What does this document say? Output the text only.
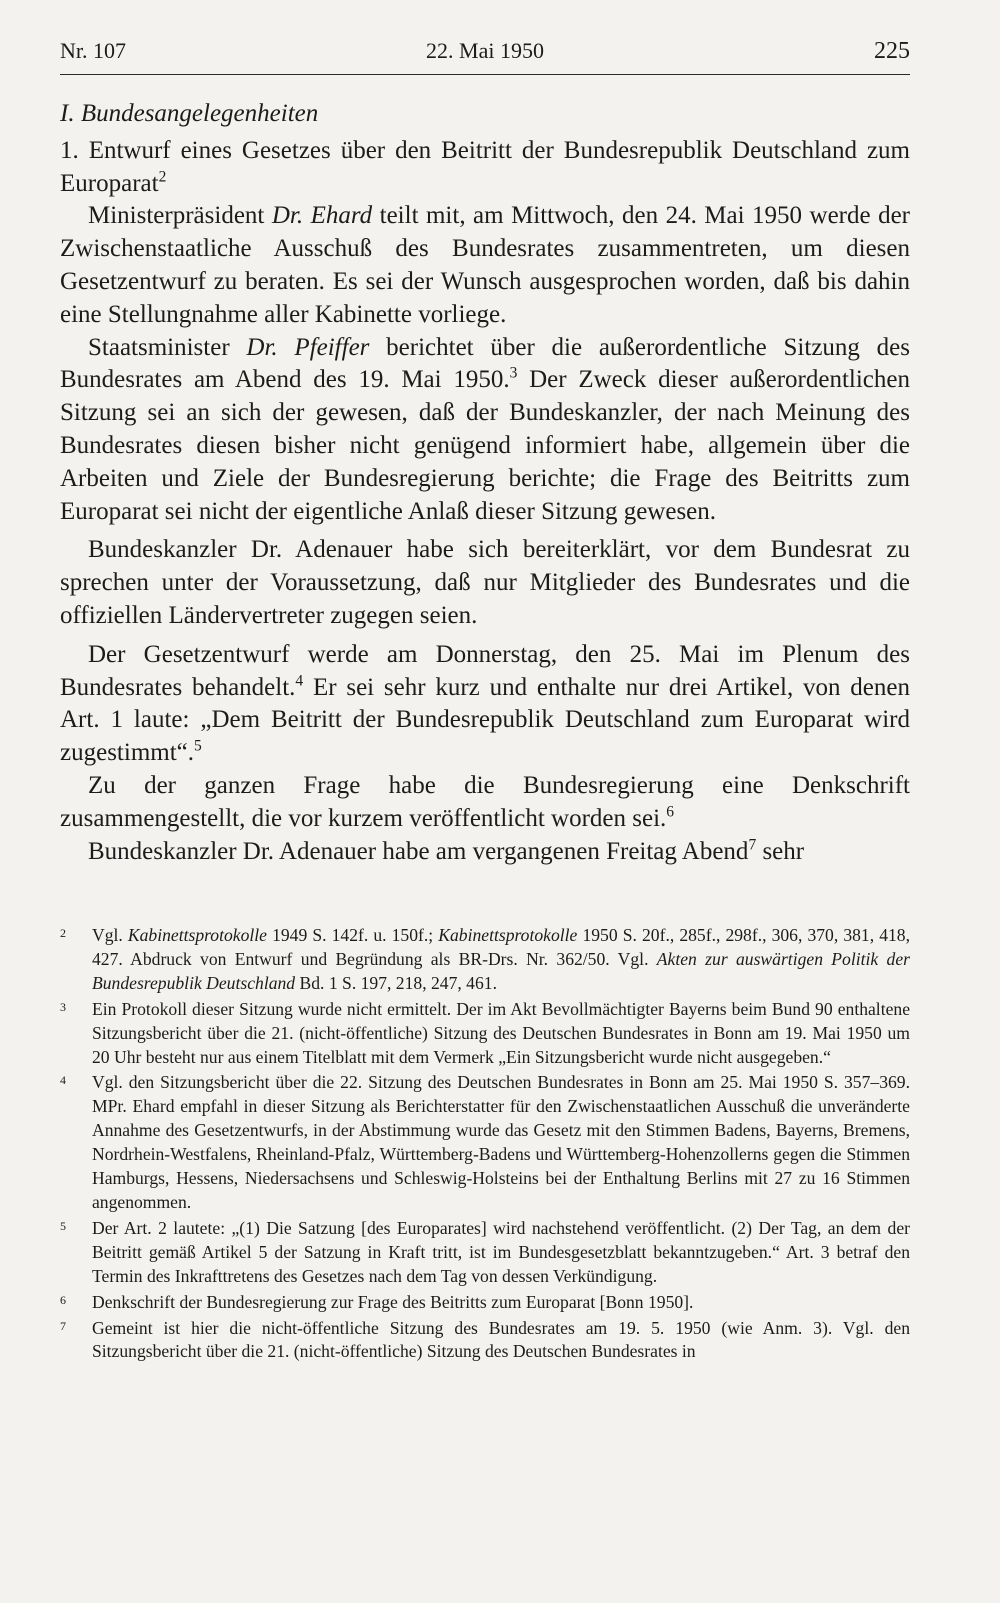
Nr. 107	22. Mai 1950	225

I. Bundesangelegenheiten

1. Entwurf eines Gesetzes über den Beitritt der Bundesrepublik Deutschland zum Europarat$^2$

Ministerpräsident Dr. Ehard teilt mit, am Mittwoch, den 24. Mai 1950 werde der Zwischenstaatliche Ausschuß des Bundesrates zusammentreten, um diesen Gesetzentwurf zu beraten. Es sei der Wunsch ausgesprochen worden, daß bis dahin eine Stellungnahme aller Kabinette vorliege.

Staatsminister Dr. Pfeiffer berichtet über die außerordentliche Sitzung des Bundesrates am Abend des 19. Mai 1950.$^3$ Der Zweck dieser außerordentlichen Sitzung sei an sich der gewesen, daß der Bundeskanzler, der nach Meinung des Bundesrates diesen bisher nicht genügend informiert habe, allgemein über die Arbeiten und Ziele der Bundesregierung berichte; die Frage des Beitritts zum Europarat sei nicht der eigentliche Anlaß dieser Sitzung gewesen.

Bundeskanzler Dr. Adenauer habe sich bereiterklärt, vor dem Bundesrat zu sprechen unter der Voraussetzung, daß nur Mitglieder des Bundesrates und die offiziellen Ländervertreter zugegen seien.

Der Gesetzentwurf werde am Donnerstag, den 25. Mai im Plenum des Bundesrates behandelt.$^4$ Er sei sehr kurz und enthalte nur drei Artikel, von denen Art. 1 laute: „Dem Beitritt der Bundesrepublik Deutschland zum Europarat wird zugestimmt“.$^5$

Zu der ganzen Frage habe die Bundesregierung eine Denkschrift zusammengestellt, die vor kurzem veröffentlicht worden sei.$^6$

Bundeskanzler Dr. Adenauer habe am vergangenen Freitag Abend$^7$ sehr

2 Vgl. Kabinettsprotokolle 1949 S. 142f. u. 150f.; Kabinettsprotokolle 1950 S. 20f., 285f., 298f., 306, 370, 381, 418, 427. Abdruck von Entwurf und Begründung als BR-Drs. Nr. 362/50. Vgl. Akten zur auswärtigen Politik der Bundesrepublik Deutschland Bd. 1 S. 197, 218, 247, 461.
3 Ein Protokoll dieser Sitzung wurde nicht ermittelt. Der im Akt Bevollmächtigter Bayerns beim Bund 90 enthaltene Sitzungsbericht über die 21. (nicht-öffentliche) Sitzung des Deutschen Bundesrates in Bonn am 19. Mai 1950 um 20 Uhr besteht nur aus einem Titelblatt mit dem Vermerk „Ein Sitzungsbericht wurde nicht ausgegeben.“
4 Vgl. den Sitzungsbericht über die 22. Sitzung des Deutschen Bundesrates in Bonn am 25. Mai 1950 S. 357–369. MPr. Ehard empfahl in dieser Sitzung als Berichterstatter für den Zwischenstaatlichen Ausschuß die unveränderte Annahme des Gesetzentwurfs, in der Abstimmung wurde das Gesetz mit den Stimmen Badens, Bayerns, Bremens, Nordrhein-Westfalens, Rheinland-Pfalz, Württemberg-Badens und Württemberg-Hohenzollerns gegen die Stimmen Hamburgs, Hessens, Niedersachsens und Schleswig-Holsteins bei der Enthaltung Berlins mit 27 zu 16 Stimmen angenommen.
5 Der Art. 2 lautete: „(1) Die Satzung [des Europarates] wird nachstehend veröffentlicht. (2) Der Tag, an dem der Beitritt gemäß Artikel 5 der Satzung in Kraft tritt, ist im Bundesgesetzblatt bekanntzugeben.“ Art. 3 betraf den Termin des Inkrafttretens des Gesetzes nach dem Tag von dessen Verkündigung.
6 Denkschrift der Bundesregierung zur Frage des Beitritts zum Europarat [Bonn 1950].
7 Gemeint ist hier die nicht-öffentliche Sitzung des Bundesrates am 19. 5. 1950 (wie Anm. 3). Vgl. den Sitzungsbericht über die 21. (nicht-öffentliche) Sitzung des Deutschen Bundesrates in
